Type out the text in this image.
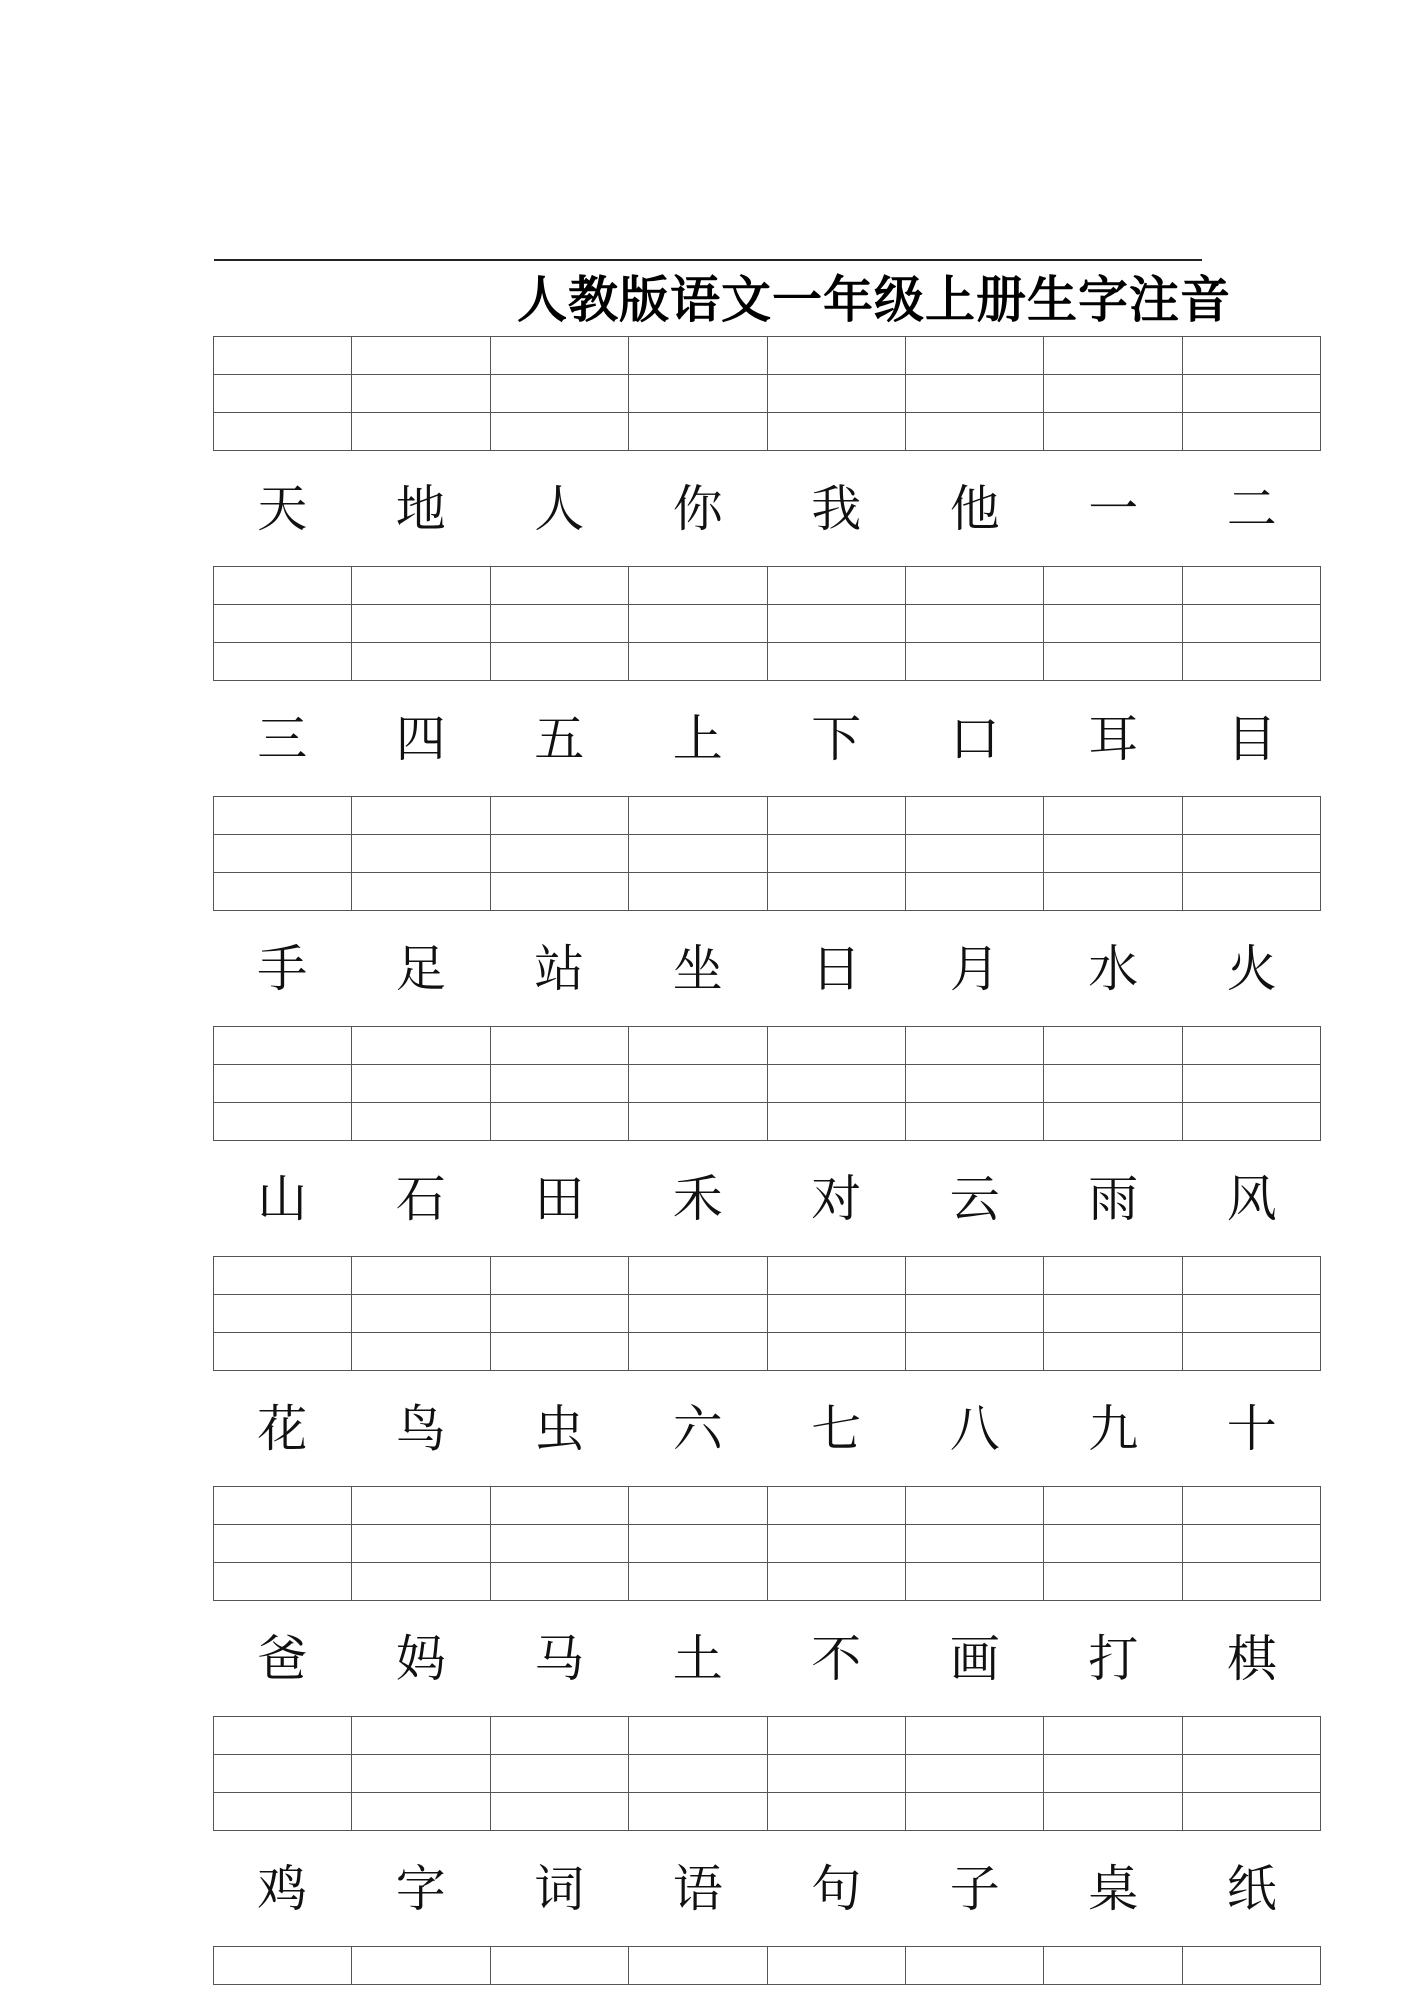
人教版语文一年级上册生字注音

天	地	人	你	我	他	一	二

三	四	五	上	下	口	耳	目

手	足	站	坐	日	月	水	火

山	石	田	禾	对	云	雨	风

花	鸟	虫	六	七	八	九	十

爸	妈	马	土	不	画	打	棋

鸡	字	词	语	句	子	桌	纸
